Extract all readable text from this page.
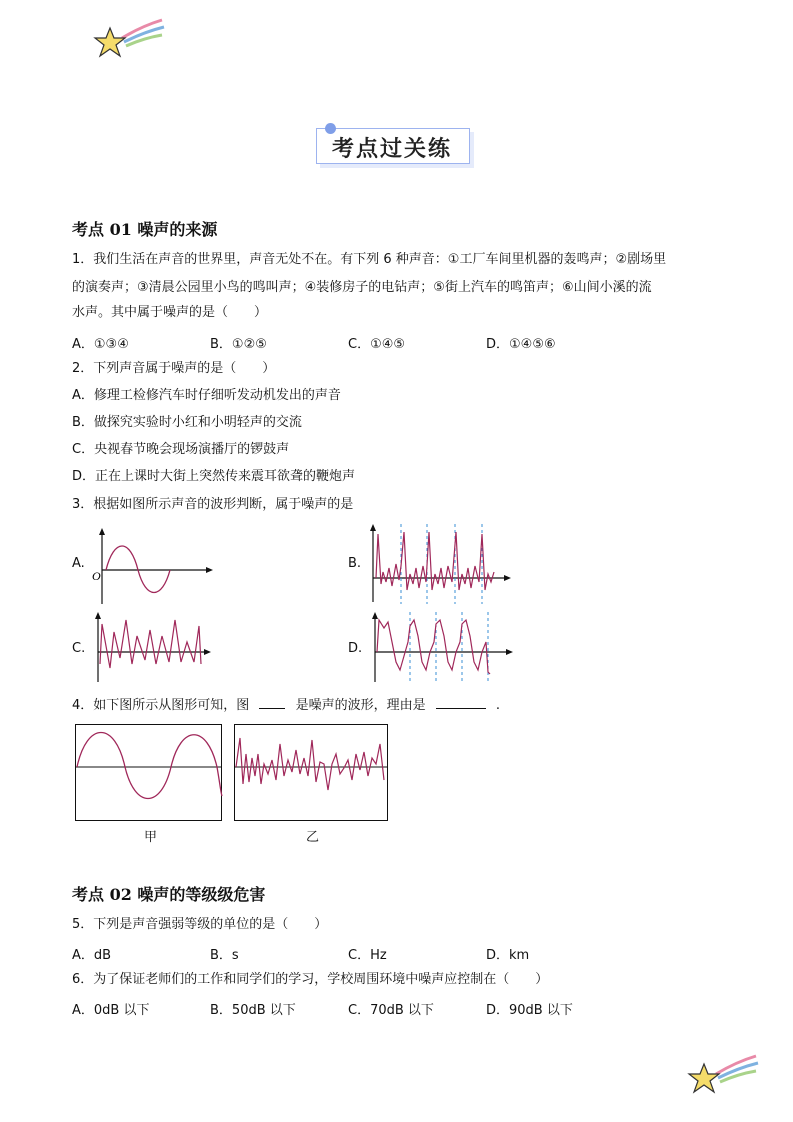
考点过关练
考点 01 噪声的来源
1．我们生活在声音的世界里，声音无处不在。有下列 6 种声音：①工厂车间里机器的轰鸣声；②剧场里
的演奏声；③清晨公园里小鸟的鸣叫声；④装修房子的电钻声；⑤街上汽车的鸣笛声；⑥山间小溪的流
水声。其中属于噪声的是（　　）
A．①③④	B．①②⑤	C．①④⑤	D．①④⑤⑥
2．下列声音属于噪声的是（　　）
A．修理工检修汽车时仔细听发动机发出的声音
B．做探究实验时小红和小明轻声的交流
C．央视春节晚会现场演播厅的锣鼓声
D．正在上课时大街上突然传来震耳欲聋的鞭炮声
3．根据如图所示声音的波形判断，属于噪声的是
A.	B.
C.	D.
O
4．如下图所示从图形可知，图	是噪声的波形，理由是	.
甲	乙
考点 02 噪声的等级级危害
5．下列是声音强弱等级的单位的是（　　）
A．dB	B．s	C．Hz	D．km
6．为了保证老师们的工作和同学们的学习，学校周围环境中噪声应控制在（　　）
A．0dB 以下	B．50dB 以下	C．70dB 以下	D．90dB 以下
